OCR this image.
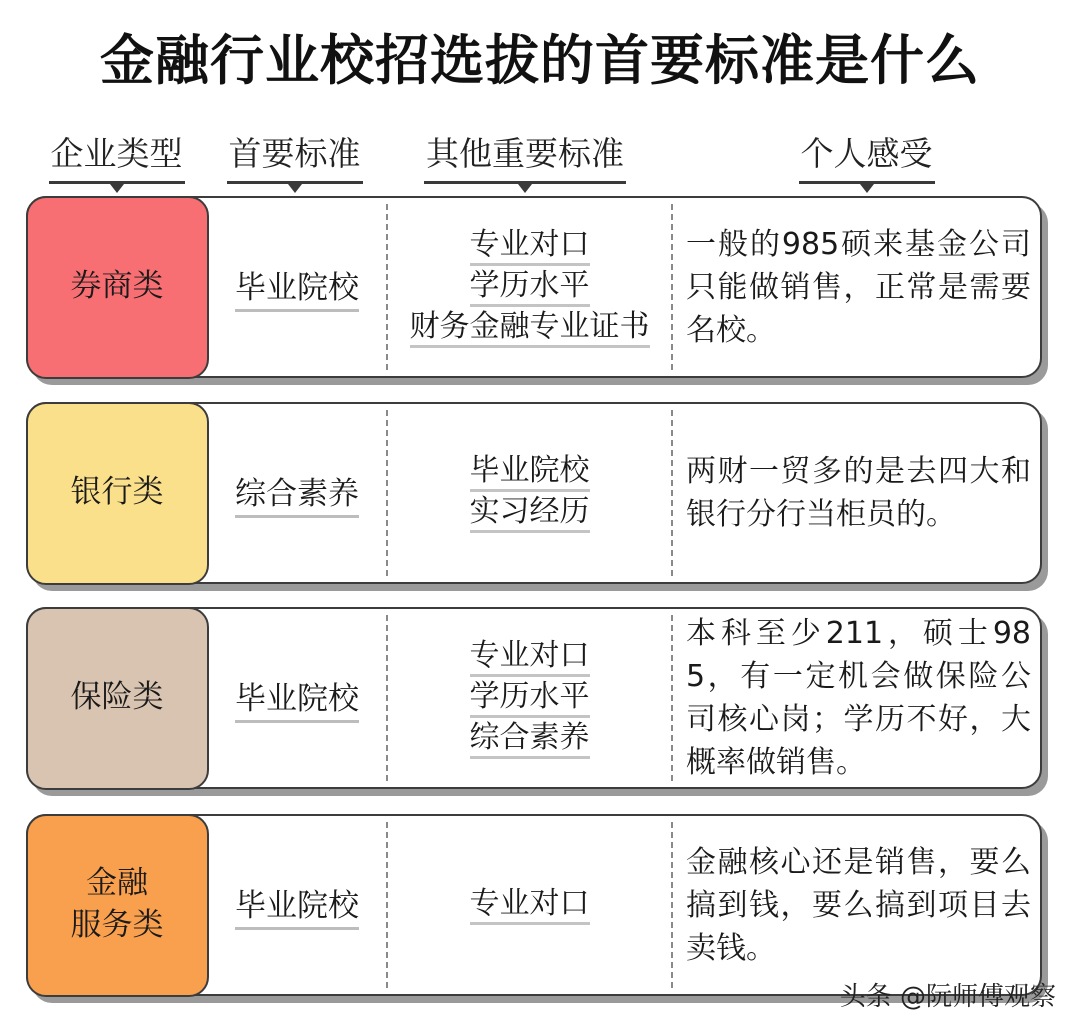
金融行业校招选拔的首要标准是什么
企业类型 首要标准 其他重要标准	个人感受
券商类 毕业院校
专业对口
学历水平
财务金融专业证书
一般的985硕来基金公司只能做销售，正常是需要名校。
银行类 综合素养
毕业院校
实习经历
两财一贸多的是去四大和银行分行当柜员的。
保险类 毕业院校
专业对口
学历水平
综合素养
本科至少211，硕士985，有一定机会做保险公司核心岗；学历不好，大概率做销售。
金融
服务类
毕业院校	专业对口
金融核心还是销售，要么搞到钱，要么搞到项目去卖钱。
头条 @阮师傅观察
